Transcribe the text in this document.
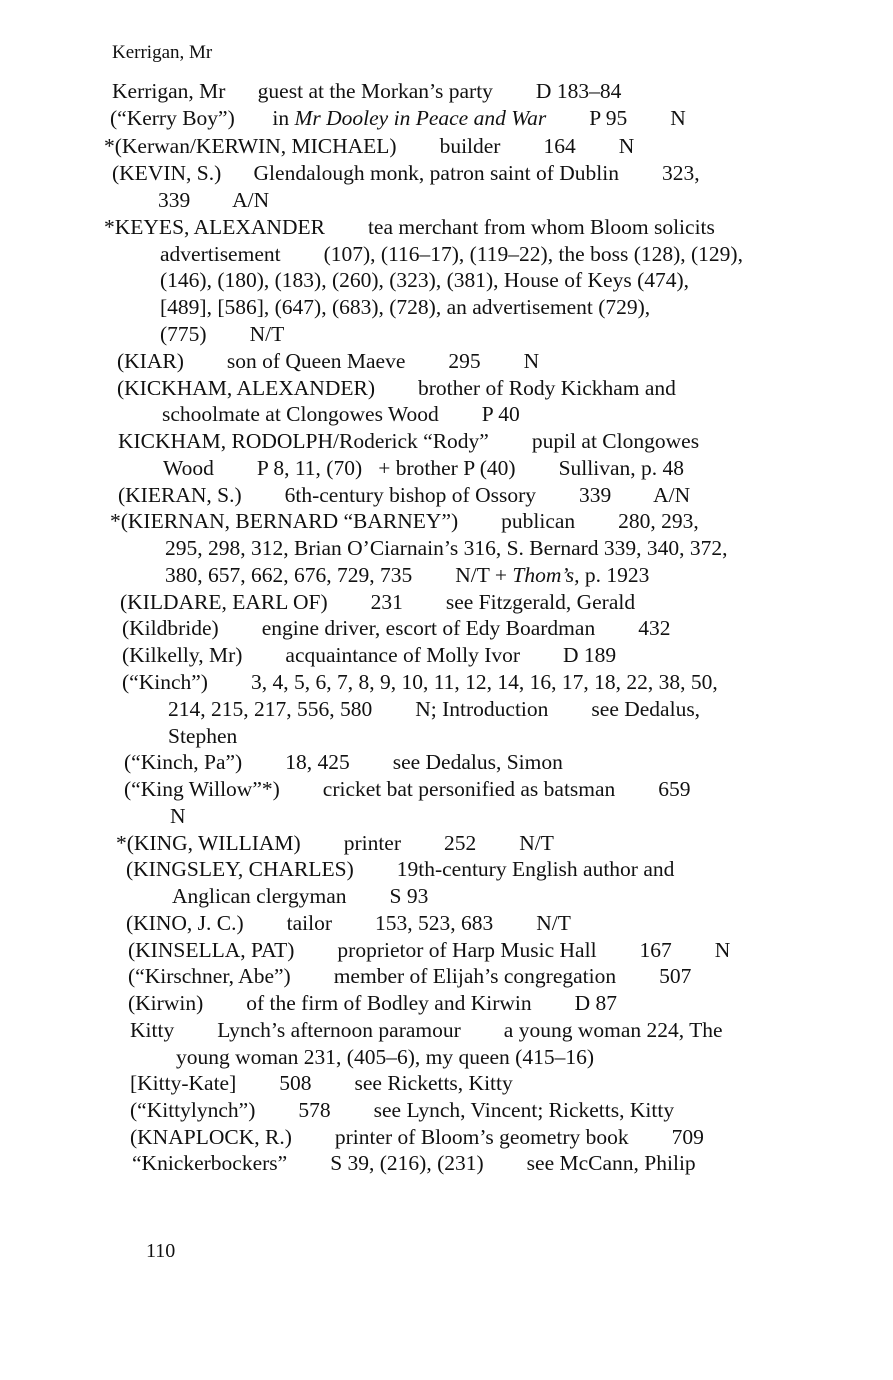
Kerrigan, Mr
Kerrigan, Mr      guest at the Morkan’s party        D 183–84
(“Kerry Boy”)       in Mr Dooley in Peace and War        P 95        N
*(Kerwan/KERWIN, MICHAEL)        builder        164        N
(KEVIN, S.)      Glendalough monk, patron saint of Dublin        323,
339        A/N
*KEYES, ALEXANDER        tea merchant from whom Bloom solicits
advertisement        (107), (116–17), (119–22), the boss (128), (129),
(146), (180), (183), (260), (323), (381), House of Keys (474),
[489], [586], (647), (683), (728), an advertisement (729),
(775)        N/T
(KIAR)        son of Queen Maeve        295        N
(KICKHAM, ALEXANDER)        brother of Rody Kickham and
schoolmate at Clongowes Wood        P 40
KICKHAM, RODOLPH/Roderick “Rody”        pupil at Clongowes
Wood        P 8, 11, (70)   + brother P (40)        Sullivan, p. 48
(KIERAN, S.)        6th-century bishop of Ossory        339        A/N
*(KIERNAN, BERNARD “BARNEY”)        publican        280, 293,
295, 298, 312, Brian O’Ciarnain’s 316, S. Bernard 339, 340, 372,
380, 657, 662, 676, 729, 735        N/T + Thom’s, p. 1923
(KILDARE, EARL OF)        231        see Fitzgerald, Gerald
(Kildbride)        engine driver, escort of Edy Boardman        432
(Kilkelly, Mr)        acquaintance of Molly Ivor        D 189
(“Kinch”)        3, 4, 5, 6, 7, 8, 9, 10, 11, 12, 14, 16, 17, 18, 22, 38, 50,
214, 215, 217, 556, 580        N; Introduction        see Dedalus,
Stephen
(“Kinch, Pa”)        18, 425        see Dedalus, Simon
(“King Willow”*)        cricket bat personified as batsman        659
N
*(KING, WILLIAM)        printer        252        N/T
(KINGSLEY, CHARLES)        19th-century English author and
Anglican clergyman        S 93
(KINO, J. C.)        tailor        153, 523, 683        N/T
(KINSELLA, PAT)        proprietor of Harp Music Hall        167        N
(“Kirschner, Abe”)        member of Elijah’s congregation        507
(Kirwin)        of the firm of Bodley and Kirwin        D 87
Kitty        Lynch’s afternoon paramour        a young woman 224, The
young woman 231, (405–6), my queen (415–16)
[Kitty-Kate]        508        see Ricketts, Kitty
(“Kittylynch”)        578        see Lynch, Vincent; Ricketts, Kitty
(KNAPLOCK, R.)        printer of Bloom’s geometry book        709
“Knickerbockers”        S 39, (216), (231)        see McCann, Philip
110
